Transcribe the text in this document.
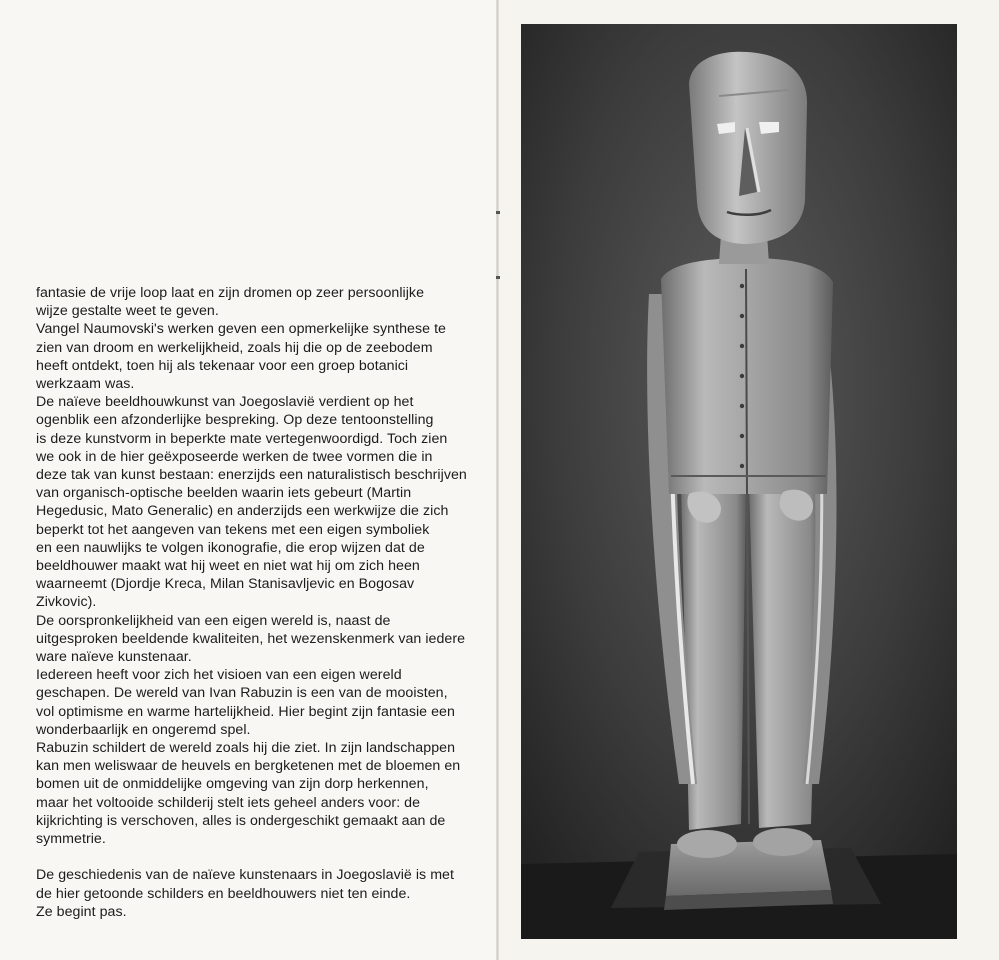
fantasie de vrije loop laat en zijn dromen op zeer persoonlijke
wijze gestalte weet te geven.
Vangel Naumovski's werken geven een opmerkelijke synthese te
zien van droom en werkelijkheid, zoals hij die op de zeebodem
heeft ontdekt, toen hij als tekenaar voor een groep botanici
werkzaam was.
De naïeve beeldhouwkunst van Joegoslavië verdient op het
ogenblik een afzonderlijke bespreking. Op deze tentoonstelling
is deze kunstvorm in beperkte mate vertegenwoordigd. Toch zien
we ook in de hier geëxposeerde werken de twee vormen die in
deze tak van kunst bestaan: enerzijds een naturalistisch beschrijven
van organisch-optische beelden waarin iets gebeurt (Martin
Hegedusic, Mato Generalic) en anderzijds een werkwijze die zich
beperkt tot het aangeven van tekens met een eigen symboliek
en een nauwlijks te volgen ikonografie, die erop wijzen dat de
beeldhouwer maakt wat hij weet en niet wat hij om zich heen
waarneemt (Djordje Kreca, Milan Stanisavljevic en Bogosav
Zivkovic).
De oorspronkelijkheid van een eigen wereld is, naast de
uitgesproken beeldende kwaliteiten, het wezenskenmerk van iedere
ware naïeve kunstenaar.
Iedereen heeft voor zich het visioen van een eigen wereld
geschapen. De wereld van Ivan Rabuzin is een van de mooisten,
vol optimisme en warme hartelijkheid. Hier begint zijn fantasie een
wonderbaarlijk en ongeremd spel.
Rabuzin schildert de wereld zoals hij die ziet. In zijn landschappen
kan men weliswaar de heuvels en bergketenen met de bloemen en
bomen uit de onmiddelijke omgeving van zijn dorp herkennen,
maar het voltooide schilderij stelt iets geheel anders voor: de
kijkrichting is verschoven, alles is ondergeschikt gemaakt aan de
symmetrie.
De geschiedenis van de naïeve kunstenaars in Joegoslavië is met
de hier getoonde schilders en beeldhouwers niet ten einde.
Ze begint pas.
